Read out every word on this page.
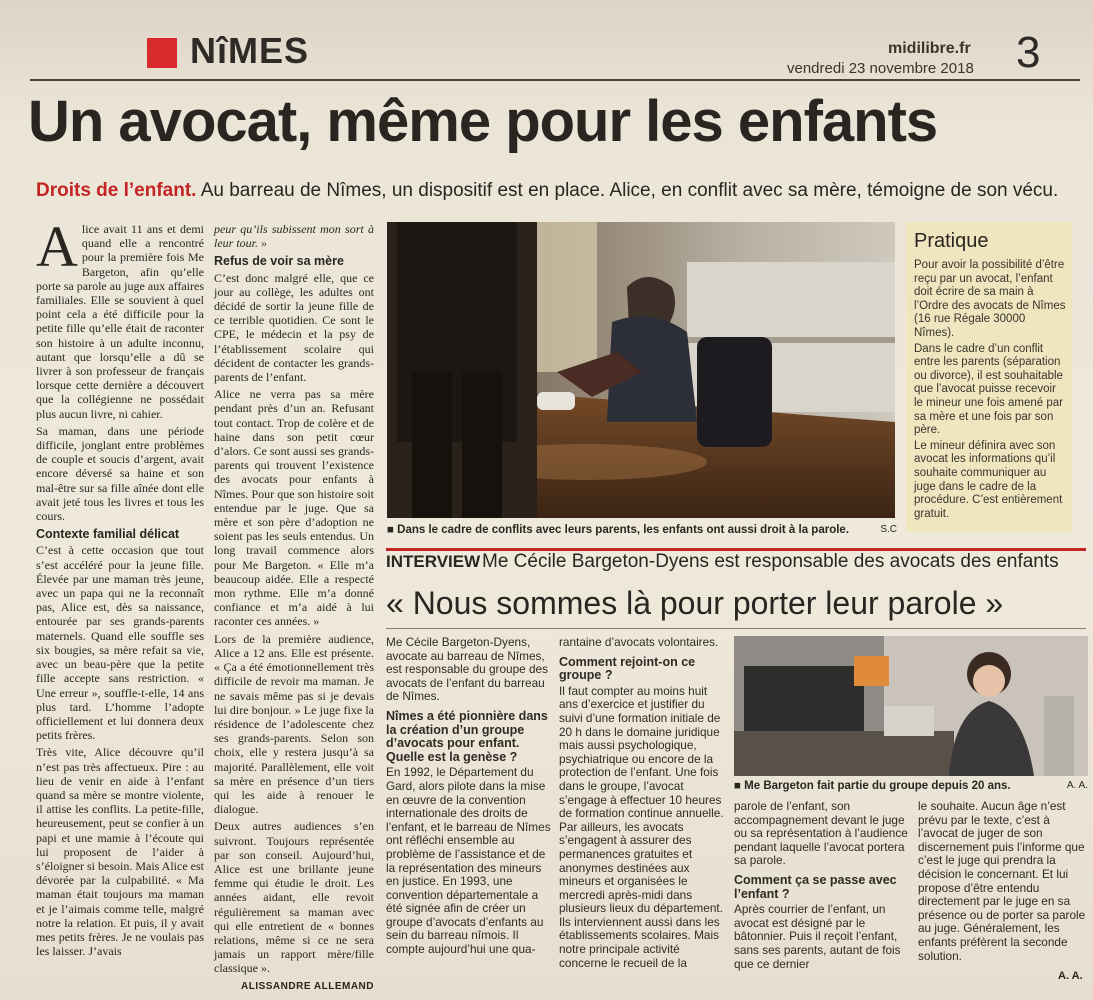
NîMES	midilibre.fr
vendredi 23 novembre 2018 3
Un avocat, même pour les enfants
Droits de l’enfant. Au barreau de Nîmes, un dispositif est en place. Alice, en conflit avec sa mère, témoigne de son vécu.
A lice avait 11 ans et demi quand elle a rencontré pour la première fois Me Bargeton, afin qu’elle porte sa parole au juge aux affaires familiales. Elle se souvient à quel point cela a été difficile pour la petite fille qu’elle était de raconter son histoire à un adulte inconnu, autant que lorsqu’elle a dû se livrer à son professeur de français lorsque cette dernière a découvert que la collégienne ne possédait plus aucun livre, ni cahier.

Sa maman, dans une période difficile, jonglant entre problèmes de couple et soucis d’argent, avait encore déversé sa haine et son mal-être sur sa fille aînée dont elle avait jeté tous les livres et tous les cours.

Contexte familial délicat

C’est à cette occasion que tout s’est accéléré pour la jeune fille. Élevée par une maman très jeune, avec un papa qui ne la reconnaît pas, Alice est, dès sa naissance, entourée par ses grands-parents maternels. Quand elle souffle ses six bougies, sa mère refait sa vie, avec un beau-père que la petite fille accepte sans restriction. « Une erreur », souffle-t-elle, 14 ans plus tard. L’homme l’adopte officiellement et lui donnera deux petits frères.

Très vite, Alice découvre qu’il n’est pas très affectueux. Pire : au lieu de venir en aide à l’enfant quand sa mère se montre violente, il attise les conflits. La petite-fille, heureusement, peut se confier à un papi et une mamie à l’écoute qui lui proposent de l’aider à s’éloigner si besoin. Mais Alice est dévorée par la culpabilité. « Ma maman était toujours ma maman et je l’aimais comme telle, malgré notre la relation. Et puis, il y avait mes petits frères. Je ne voulais pas les laisser. J’avais

peur qu’ils subissent mon sort à leur tour. »

Refus de voir sa mère

C’est donc malgré elle, que ce jour au collège, les adultes ont décidé de sortir la jeune fille de ce terrible quotidien. Ce sont le CPE, le médecin et la psy de l’établissement scolaire qui décident de contacter les grands-parents de l’enfant.

Alice ne verra pas sa mère pendant près d’un an. Refusant tout contact. Trop de colère et de haine dans son petit cœur d’alors. Ce sont aussi ses grands-parents qui trouvent l’existence des avocats pour enfants à Nîmes. Pour que son histoire soit entendue par le juge. Que sa mère et son père d’adoption ne soient pas les seuls entendus. Un long travail commence alors pour Me Bargeton. « Elle m’a beaucoup aidée. Elle a respecté mon rythme. Elle m’a donné confiance et m’a aidé à lui raconter ces années. »

Lors de la première audience, Alice a 12 ans. Elle est présente. « Ça a été émotionnellement très difficile de revoir ma maman. Je ne savais même pas si je devais lui dire bonjour. » Le juge fixe la résidence de l’adolescente chez ses grands-parents. Selon son choix, elle y restera jusqu’à sa majorité. Parallèlement, elle voit sa mère en présence d’un tiers qui les aide à renouer le dialogue.

Deux autres audiences s’en suivront. Toujours représentée par son conseil. Aujourd’hui, Alice est une brillante jeune femme qui étudie le droit. Les années aidant, elle revoit régulièrement sa maman avec qui elle entretient de « bonnes relations, même si ce ne sera jamais un rapport mère/fille classique ».

ALISSANDRE ALLEMAND
■ Dans le cadre de conflits avec leurs parents, les enfants ont aussi droit à la parole.	S.C
Pratique

Pour avoir la possibilité d’être reçu par un avocat, l’enfant doit écrire de sa main à l’Ordre des avocats de Nîmes (16 rue Régale 30000 Nîmes).

Dans le cadre d’un conflit entre les parents (séparation ou divorce), il est souhaitable que l’avocat puisse recevoir le mineur une fois amené par sa mère et une fois par son père.

Le mineur définira avec son avocat les informations qu’il souhaite communiquer au juge dans le cadre de la procédure. C’est entièrement gratuit.

INTERVIEW Me Cécile Bargeton-Dyens est responsable des avocats des enfants
« Nous sommes là pour porter leur parole »

Me Cécile Bargeton-Dyens, avocate au barreau de Nîmes, est responsable du groupe des avocats de l’enfant du barreau de Nîmes.

Nîmes a été pionnière dans la création d’un groupe d’avocats pour enfant. Quelle est la genèse ?

En 1992, le Département du Gard, alors pilote dans la mise en œuvre de la convention internationale des droits de l’enfant, et le barreau de Nîmes ont réfléchi ensemble au problème de l’assistance et de la représentation des mineurs en justice. En 1993, une convention départementale a été signée afin de créer un groupe d’avocats d’enfants au sein du barreau nîmois. Il compte aujourd’hui une qua-

rantaine d’avocats volontaires.

Comment rejoint-on ce groupe ?

Il faut compter au moins huit ans d’exercice et justifier du suivi d’une formation initiale de 20 h dans le domaine juridique mais aussi psychologique, psychiatrique ou encore de la protection de l’enfant. Une fois dans le groupe, l’avocat s’engage à effectuer 10 heures de formation continue annuelle. Par ailleurs, les avocats s’engagent à assurer des permanences gratuites et anonymes destinées aux mineurs et organisées le mercredi après-midi dans plusieurs lieux du département. Ils interviennent aussi dans les établissements scolaires. Mais notre principale activité concerne le recueil de la

■ Me Bargeton fait partie du groupe depuis 20 ans.	A. A.

parole de l’enfant, son accompagnement devant le juge ou sa représentation à l’audience pendant laquelle l’avocat portera sa parole.

Comment ça se passe avec l’enfant ?

Après courrier de l’enfant, un avocat est désigné par le bâtonnier. Puis il reçoit l’enfant, sans ses parents, autant de fois que ce dernier

le souhaite. Aucun âge n’est prévu par le texte, c’est à l’avocat de juger de son discernement puis l’informe que c’est le juge qui prendra la décision le concernant. Et lui propose d’être entendu directement par le juge en sa présence ou de porter sa parole au juge. Généralement, les enfants préfèrent la seconde solution.

A. A.
